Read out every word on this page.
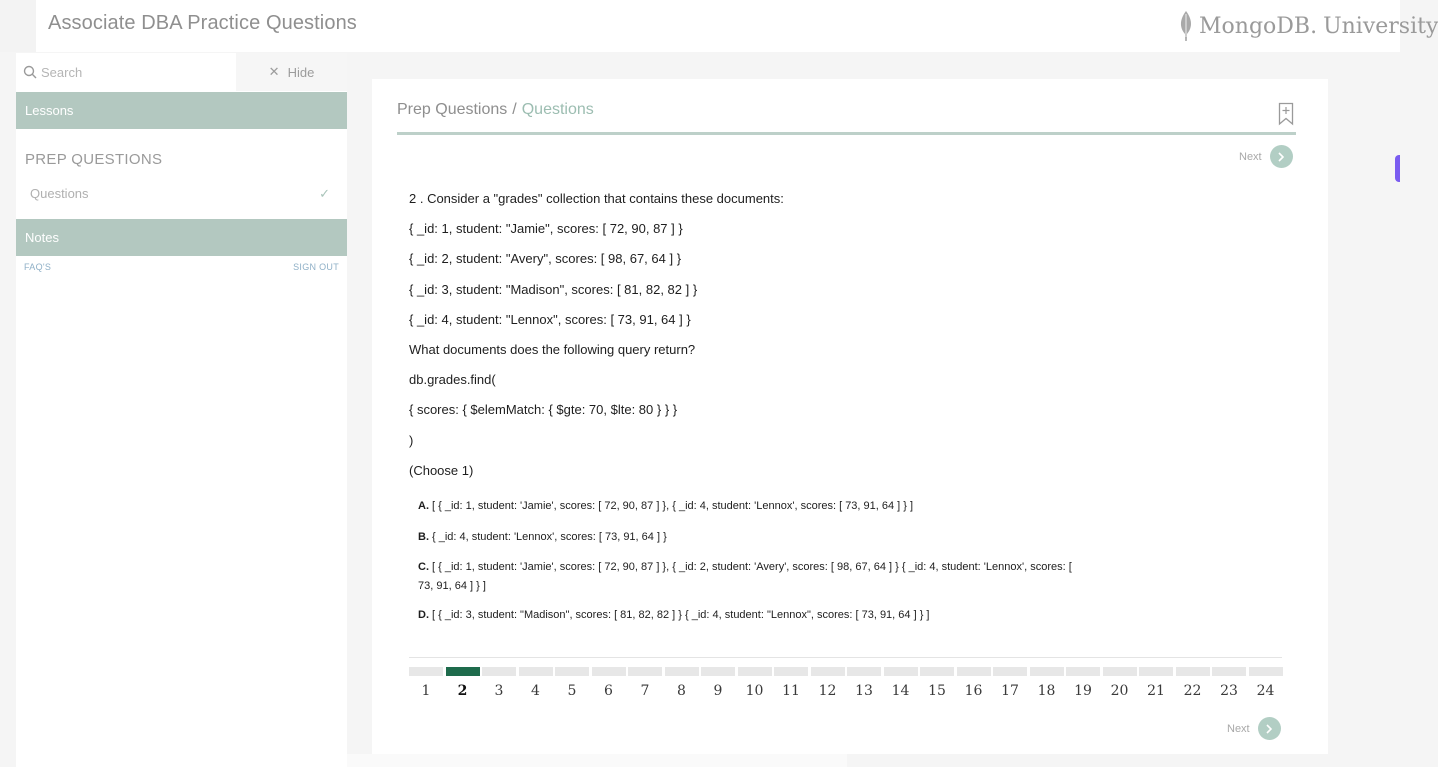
Associate DBA Practice Questions	MongoDB . University
Search
✕ Hide
Lessons
PREP QUESTIONS
Questions	✓
Notes
FAQ'S	SIGN OUT
Prep Questions / Questions
Next
2 . Consider a "grades" collection that contains these documents:
{ _id: 1, student: "Jamie", scores: [ 72, 90, 87 ] }
{ _id: 2, student: "Avery", scores: [ 98, 67, 64 ] }
{ _id: 3, student: "Madison", scores: [ 81, 82, 82 ] }
{ _id: 4, student: "Lennox", scores: [ 73, 91, 64 ] }
What documents does the following query return?
db.grades.find(
{ scores: { $elemMatch: { $gte: 70, $lte: 80 } } }
)
(Choose 1)
A. [ { _id: 1, student: 'Jamie', scores: [ 72, 90, 87 ] }, { _id: 4, student: 'Lennox', scores: [ 73, 91, 64 ] } ]
B. { _id: 4, student: 'Lennox', scores: [ 73, 91, 64 ] }
C. [ { _id: 1, student: 'Jamie', scores: [ 72, 90, 87 ] }, { _id: 2, student: 'Avery', scores: [ 98, 67, 64 ] } { _id: 4, student: 'Lennox', scores: [ 73, 91, 64 ] } ]
D. [ { _id: 3, student: "Madison", scores: [ 81, 82, 82 ] } { _id: 4, student: "Lennox", scores: [ 73, 91, 64 ] } ]
1	2	3	4	5	6	7	8	9	10	11	12	13	14	15	16	17	18	19	20	21	22	23	24
Next
